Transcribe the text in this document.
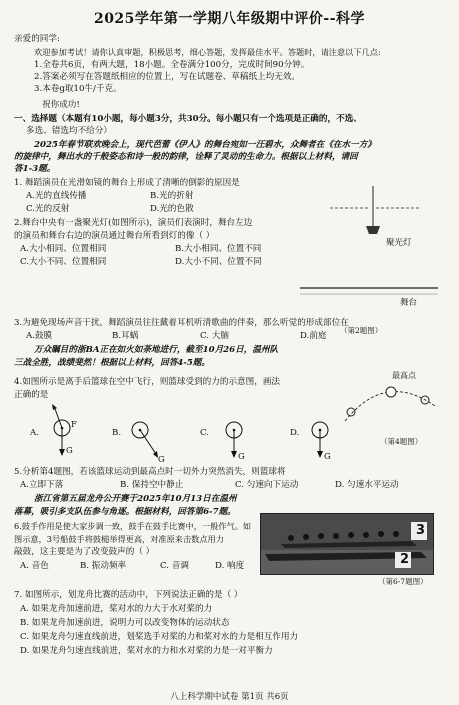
2025学年第一学期八年级期中评价--科学
亲爱的同学:
欢迎参加考试！请你认真审题，积极思考，细心答题，发挥最佳水平。答题时，请注意以下几点:
1.全卷共6页，有两大题，18小题。全卷满分100分，完成时间90分钟。
2.答案必须写在答题纸相应的位置上，写在试题卷、草稿纸上均无效。
3.本卷g取10牛/千克。
祝你成功!
一、选择题（本题有10小题，每小题3分，共30分。每小题只有一个选项是正确的，不选、
多选、错选均不给分）
2025年春节联欢晚会上，现代芭蕾《伊人》的舞台宛如一汪碧水，众舞者在《在水一方》
的旋律中，舞出水的千般姿态和诗一般的韵律，诠释了灵动的生命力。根据以上材料，请回
答1-3题。
1. 舞蹈演员在光滑如镜的舞台上形成了清晰的倒影的原因是
A.光的直线传播	B.光的折射
C.光的反射	D.光的色散
聚光灯
舞台
（第2题图）
2.舞台中央有一盏聚光灯(如图所示)，演员们表演时，舞台左边
的演员和舞台右边的演员通过舞台所看到灯的像（ ）
A.大小相同、位置相同	B.大小相同、位置不同
C.大小不同、位置相同	D.大小不同、位置不同
3.为避免现场声音干扰，舞蹈演员往往戴着耳机听清歌曲的伴奏，那么听觉的形成部位在
A.鼓膜	B.耳蜗	C. 大脑	D.前庭
万众瞩目的浙BA正在如火如荼地进行，截至10月26日，温州队
三战全胜，战绩斐然！根据以上材料，回答4-5题。
最高点
（第4题图）
4.如图所示是离手后篮球在空中飞行，则篮球受到的力的示意图，画法
正确的是
A.
F
G
B.
G
C.
G
D.
G
5.分析第4题图，若该篮球运动到最高点时一切外力突然消失，则篮球将
A.立即下落	B. 保持空中静止	C. 匀速向下运动	D. 匀速水平运动
浙江省第五届龙舟公开赛于2025年10月13日在温州
落幕，吸引多支队伍参与角逐。根据材料，回答第6-7题。
2
3
（第6-7题图）
6.鼓手作用是使大家步调一致，鼓手在鼓手比赛中，一般作气。如
图示意，3号船鼓手将鼓槌举得更高，对准原来击数点用力
敲鼓，这主要是为了改变鼓声的（ ）
A. 音色	B. 振动频率	C. 音调	D. 响度
7. 如图所示，划龙舟比赛的活动中，下列说法正确的是（ ）
A. 如果龙舟加速前进，桨对水的力大于水对桨的力
B. 如果龙舟加速前进，说明力可以改变物体的运动状态
C. 如果龙舟匀速直线前进，划桨选手对桨的力和桨对水的力是相互作用力
D. 如果龙舟匀速直线前进，桨对水的力和水对桨的力是一对平衡力
八上科学期中试卷 第1页 共6页
